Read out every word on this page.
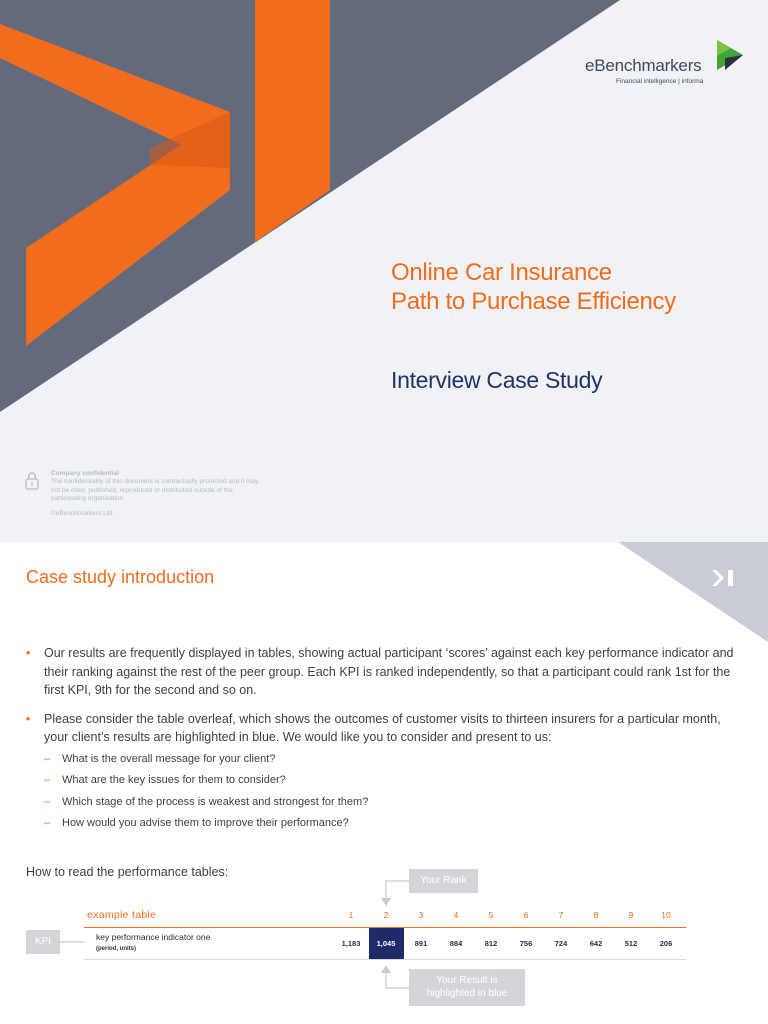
eBenchmarkers
Financial intelligence | informa
Online Car Insurance
Path to Purchase Efficiency
Interview Case Study
Company confidential
The confidentiality of this document is contractually protected and it may not be cited, published, reproduced or distributed outside of the participating organisation.
©eBenchmarkers Ltd.
Case study introduction
• Our results are frequently displayed in tables, showing actual participant ‘scores’ against each key performance indicator and their ranking against the rest of the peer group. Each KPI is ranked independently, so that a participant could rank 1st for the first KPI, 9th for the second and so on.
• Please consider the table overleaf, which shows the outcomes of customer visits to thirteen insurers for a particular month, your client’s results are highlighted in blue. We would like you to consider and present to us:
– What is the overall message for your client?
– What are the key issues for them to consider?
– Which stage of the process is weakest and strongest for them?
– How would you advise them to improve their performance?
How to read the performance tables:
Your Rank
Your Result is
highlighted in blue
KPI
example table	1	2	3	4	5	6	7	8	9	10
key performance indicator one
(period, units)
1,183	1,045	891	884	812	756	724	642	512	206
